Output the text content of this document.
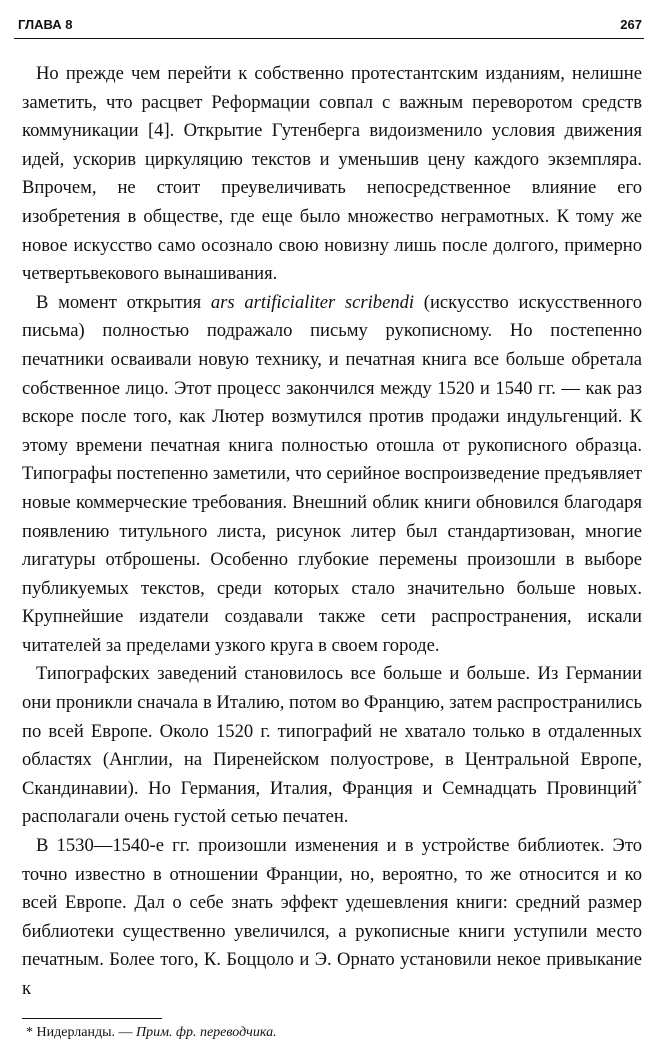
ГЛАВА 8	267

Но прежде чем перейти к собственно протестантским изданиям, нелишне заметить, что расцвет Реформации совпал с важным переворотом средств коммуникации [4]. Открытие Гутенберга видоизменило условия движения идей, ускорив циркуляцию текстов и уменьшив цену каждого экземпляра. Впрочем, не стоит преувеличивать непосредственное влияние его изобретения в обществе, где еще было множество неграмотных. К тому же новое искусство само осознало свою новизну лишь после долгого, примерно четвертьвекового вынашивания.

В момент открытия ars artificialiter scribendi (искусство искусственного письма) полностью подражало письму рукописному. Но постепенно печатники осваивали новую технику, и печатная книга все больше обретала собственное лицо. Этот процесс закончился между 1520 и 1540 гг. — как раз вскоре после того, как Лютер возмутился против продажи индульгенций. К этому времени печатная книга полностью отошла от рукописного образца. Типографы постепенно заметили, что серийное воспроизведение предъявляет новые коммерческие требования. Внешний облик книги обновился благодаря появлению титульного листа, рисунок литер был стандартизован, многие лигатуры отброшены. Особенно глубокие перемены произошли в выборе публикуемых текстов, среди которых стало значительно больше новых. Крупнейшие издатели создавали также сети распространения, искали читателей за пределами узкого круга в своем городе.

Типографских заведений становилось все больше и больше. Из Германии они проникли сначала в Италию, потом во Францию, затем распространились по всей Европе. Около 1520 г. типографий не хватало только в отдаленных областях (Англии, на Пиренейском полуострове, в Центральной Европе, Скандинавии). Но Германия, Италия, Франция и Семнадцать Провинций* располагали очень густой сетью печатен.

В 1530—1540-е гг. произошли изменения и в устройстве библиотек. Это точно известно в отношении Франции, но, вероятно, то же относится и ко всей Европе. Дал о себе знать эффект удешевления книги: средний размер библиотеки существенно увеличился, а рукописные книги уступили место печатным. Более того, К. Боццоло и Э. Орнато установили некое привыкание к

* Нидерланды. — Прим. фр. переводчика.
